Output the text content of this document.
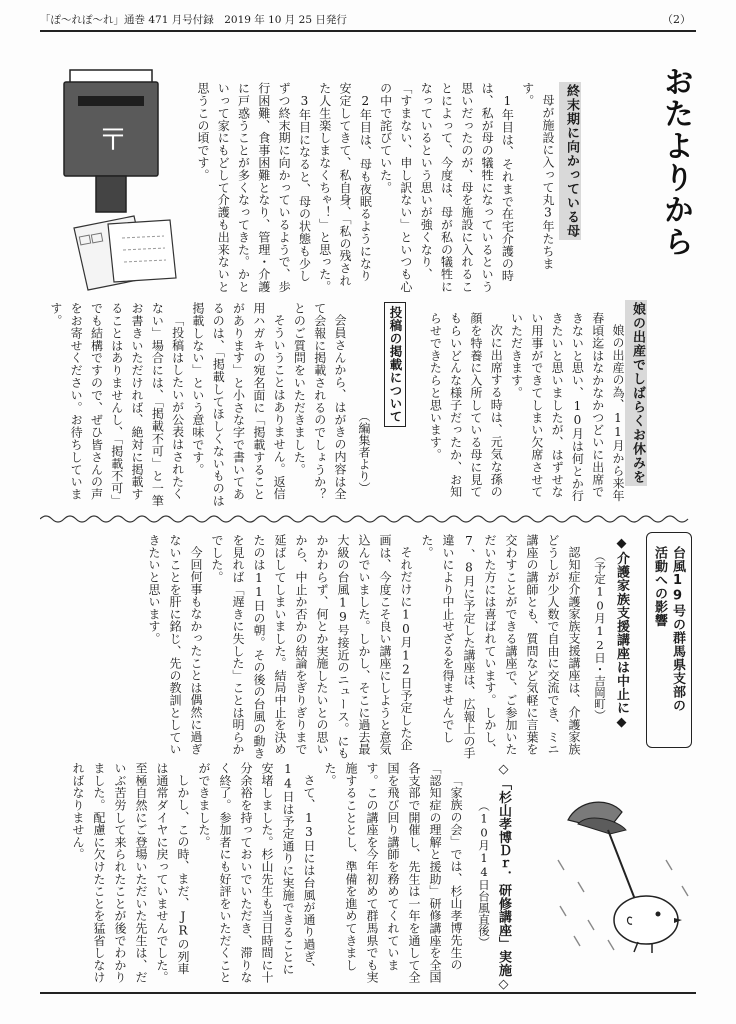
「ぽ〜れぽ〜れ」通巻 471 月号付録　2019 年 10 月 25 日発行	（2）
おたよりから
娘の出産でしばらくお休みを

娘の出産の為、11月から来年春頃迄はなかなかつどいに出席できないと思い、10月は何とか行きたいと思いましたが、はずせない用事ができてしまい欠席させていただきます。

次に出席する時は、元気な孫の顔を特養に入所している母に見てもらいどんな様子だったか、お知らせできたらと思います。

終末期に向かっている母

母が施設に入って丸3年たちます。

1年目は、それまで在宅介護の時は、私が母の犠牲になっているという思いだったのが、母を施設に入れることによって、今度は、母が私の犠牲になっているという思いが強くなり、「すまない、申し訳ない」といつも心の中で詫びていた。

2年目は、母も夜眠るようになり安定してきて、私自身、「私の残された人生楽しまなくちゃ！」と思った。

3年目になると、母の状態も少しずつ終末期に向かっているようで、歩行困難、食事困難となり、管理・介護に戸惑うことが多くなってきた。かといって家にもどして介護も出来ないと思うこの頃です。

投稿の掲載について
（編集者より）

会員さんから、はがきの内容は全て会報に掲載されるのでしょうか？とのご質問をいただきました。

そういうことはありません。返信用ハガキの宛名面に「掲載することがあります」と小さな字で書いてあるのは、「掲載してほしくないものは掲載しない」という意味です。

「投稿はしたいが公表はされたくない」場合には、「掲載不可」と一筆お書きいただければ、絶対に掲載することはありませんし、「掲載不可」でも結構ですので、ぜひ皆さんの声をお寄せください。お待ちしています。

〒
台風19号の群馬県支部の
活動への影響
◆介護家族支援講座は中止に◆
（予定10月12日・吉岡町）

認知症介護家族支援講座は、介護家族どうしが少人数で自由に交流でき、ミニ講座の講師とも、質問など気軽に言葉を交わすことができる講座で、ご参加いただいた方には喜ばれています。しかし、7、8月に予定した講座は、広報上の手違いにより中止せざるを得ませんでした。

それだけに10月12日予定した企画は、今度こそ良い講座にしようと意気込んでいました。しかし、そこに過去最大級の台風19号接近のニュース。にもかかわらず、何とか実施したいとの思いから、中止か否かの結論をぎりぎりまで延ばしてしまいました。結局中止を決めたのは11日の朝。その後の台風の動きを見れば「遅きに失した」ことは明らかでした。

今回何事もなかったことは偶然に過ぎないことを肝に銘じ、先の教訓としていきたいと思います。

◇「杉山孝博Ｄｒ．研修講座」実施◇
（10月14日台風直後）

「家族の会」では、杉山孝博先生の「認知症の理解と援助」研修講座を全国各支部で開催し、先生は一年を通して全国を飛び回り講師を務めてくれています。この講座を今年初めて群馬県でも実施することとし、準備を進めてきました。

さて、13日には台風が通り過ぎ、14日は予定通りに実施できることに安堵しました。杉山先生も当日時間に十分余裕を持っておいでいただき、滞りなく終了。参加者にも好評をいただくことができました。

しかし、この時、まだ、JRの列車は通常ダイヤに戻っていませんでした。至極自然にご登場いただいた先生は、だいぶ苦労して来られたことが後でわかりました。配慮に欠けたことを猛省しなければなりません。
